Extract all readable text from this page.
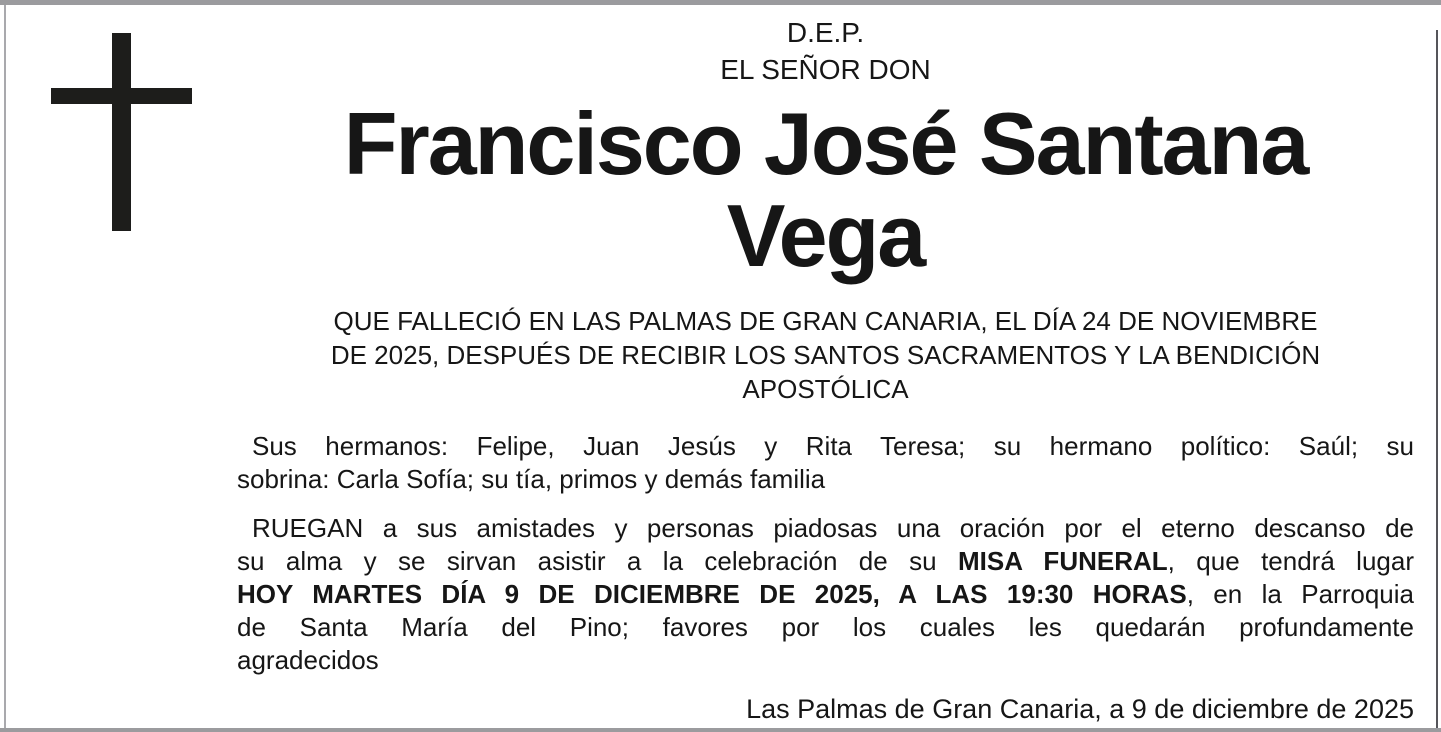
D.E.P.
EL SEÑOR DON
Francisco José Santana
Vega
QUE FALLECIÓ EN LAS PALMAS DE GRAN CANARIA, EL DÍA 24 DE NOVIEMBRE
DE 2025, DESPUÉS DE RECIBIR LOS SANTOS SACRAMENTOS Y LA BENDICIÓN
APOSTÓLICA
Sus hermanos: Felipe, Juan Jesús y Rita Teresa; su hermano político: Saúl; su
sobrina: Carla Sofía; su tía, primos y demás familia
RUEGAN a sus amistades y personas piadosas una oración por el eterno descanso de
su alma y se sirvan asistir a la celebración de su MISA FUNERAL, que tendrá lugar
HOY MARTES DÍA 9 DE DICIEMBRE DE 2025, A LAS 19:30 HORAS, en la Parroquia
de Santa María del Pino; favores por los cuales les quedarán profundamente
agradecidos
Las Palmas de Gran Canaria, a 9 de diciembre de 2025
